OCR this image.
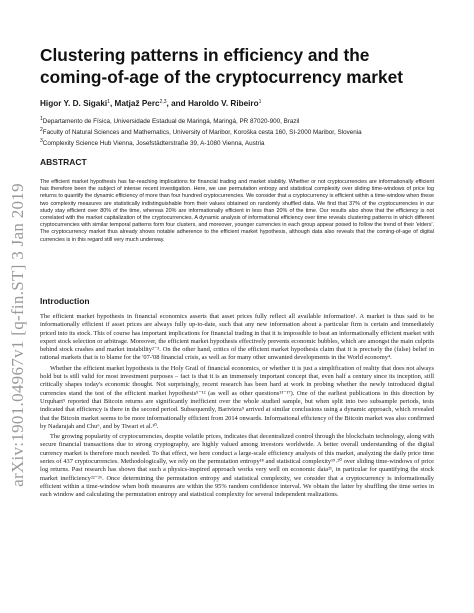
arXiv:1901.04967v1 [q-fin.ST] 3 Jan 2019
Clustering patterns in efficiency and the
coming-of-age of the cryptocurrency market
Higor Y. D. Sigaki$^1$, Matjaž Perc$^{2,3}$, and Haroldo V. Ribeiro$^1$
$^1$Departamento de Física, Universidade Estadual de Maringá, Maringá, PR 87020-900, Brazil
$^2$Faculty of Natural Sciences and Mathematics, University of Maribor, Koroška cesta 160, SI-2000 Maribor, Slovenia
$^3$Complexity Science Hub Vienna, Josefstädterstraße 39, A-1080 Vienna, Austria
ABSTRACT
The efficient market hypothesis has far-reaching implications for financial trading and market stability. Whether or not cryptocurrencies are informationally efficient has therefore been the subject of intense recent investigation. Here, we use permutation entropy and statistical complexity over sliding time-windows of price log returns to quantify the dynamic efficiency of more than four hundred cryptocurrencies. We consider that a cryptocurrency is efficient within a time-window when these two complexity measures are statistically indistinguishable from their values obtained on randomly shuffled data. We find that 37% of the cryptocurrencies in our study stay efficient over 80% of the time, whereas 20% are informationally efficient in less than 20% of the time. Our results also show that the efficiency is not correlated with the market capitalization of the cryptocurrencies. A dynamic analysis of informational efficiency over time reveals clustering patterns in which different cryptocurrencies with similar temporal patterns form four clusters, and moreover, younger currencies in each group appear poised to follow the trend of their 'elders'. The cryptocurrency market thus already shows notable adherence to the efficient market hypothesis, although data also reveals that the coming-of-age of digital currencies is in this regard still very much underway.
Introduction

The efficient market hypothesis in financial economics asserts that asset prices fully reflect all available information¹. A market is thus said to be informationally efficient if asset prices are always fully up-to-date, such that any new information about a particular firm is certain and immediately priced into its stock. This of course has important implications for financial trading in that it is impossible to beat an informationally efficient market with expert stock selection or arbitrage. Moreover, the efficient market hypothesis effectively prevents economic bubbles, which are amongst the main culprits behind stock crashes and market instability²⁻³. On the other hand, critics of the efficient market hypothesis claim that it is precisely the (false) belief in rational markets that is to blame for the '07-'08 financial crisis, as well as for many other unwanted developments in the World economy⁴.

Whether the efficient market hypothesis is the Holy Grail of financial economics, or whether it is just a simplification of reality that does not always hold but is still valid for most investment purposes – fact is that it is an immensely important concept that, even half a century since its inception, still critically shapes today's economic thought. Not surprisingly, recent research has been hard at work in probing whether the newly introduced digital currencies stand the test of the efficient market hypothesis⁵⁻¹² (as well as other questions¹³⁻¹⁷). One of the earliest publications in this direction by Urquhart⁵ reported that Bitcoin returns are significantly inefficient over the whole studied sample, but when split into two subsample periods, tests indicated that efficiency is there in the second period. Subsequently, Bariviera⁹ arrived at similar conclusions using a dynamic approach, which revealed that the Bitcoin market seems to be more informationally efficient from 2014 onwards. Informational efficiency of the Bitcoin market was also confirmed by Nadarajah and Chu⁶, and by Tiwari et al.¹⁰.

The growing popularity of cryptocurrencies, despite volatile prices, indicates that decentralized control through the blockchain technology, along with secure financial transactions due to strong cryptography, are highly valued among investors worldwide. A better overall understanding of the digital currency market is therefore much needed. To that effect, we here conduct a large-scale efficiency analysis of this market, analyzing the daily price time series of 437 cryptocurrencies. Methodologically, we rely on the permutation entropy¹⁸ and statistical complexity¹⁹˒²⁰ over sliding time-windows of price log returns. Past research has shown that such a physics-inspired approach works very well on economic data²¹, in particular for quantifying the stock market inefficiency²²⁻²⁶. Once determining the permutation entropy and statistical complexity, we consider that a cryptocurrency is informationally efficient within a time-window when both measures are within the 95% random confidence interval. We obtain the latter by shuffling the time series in each window and calculating the permutation entropy and statistical complexity for several independent realizations.
